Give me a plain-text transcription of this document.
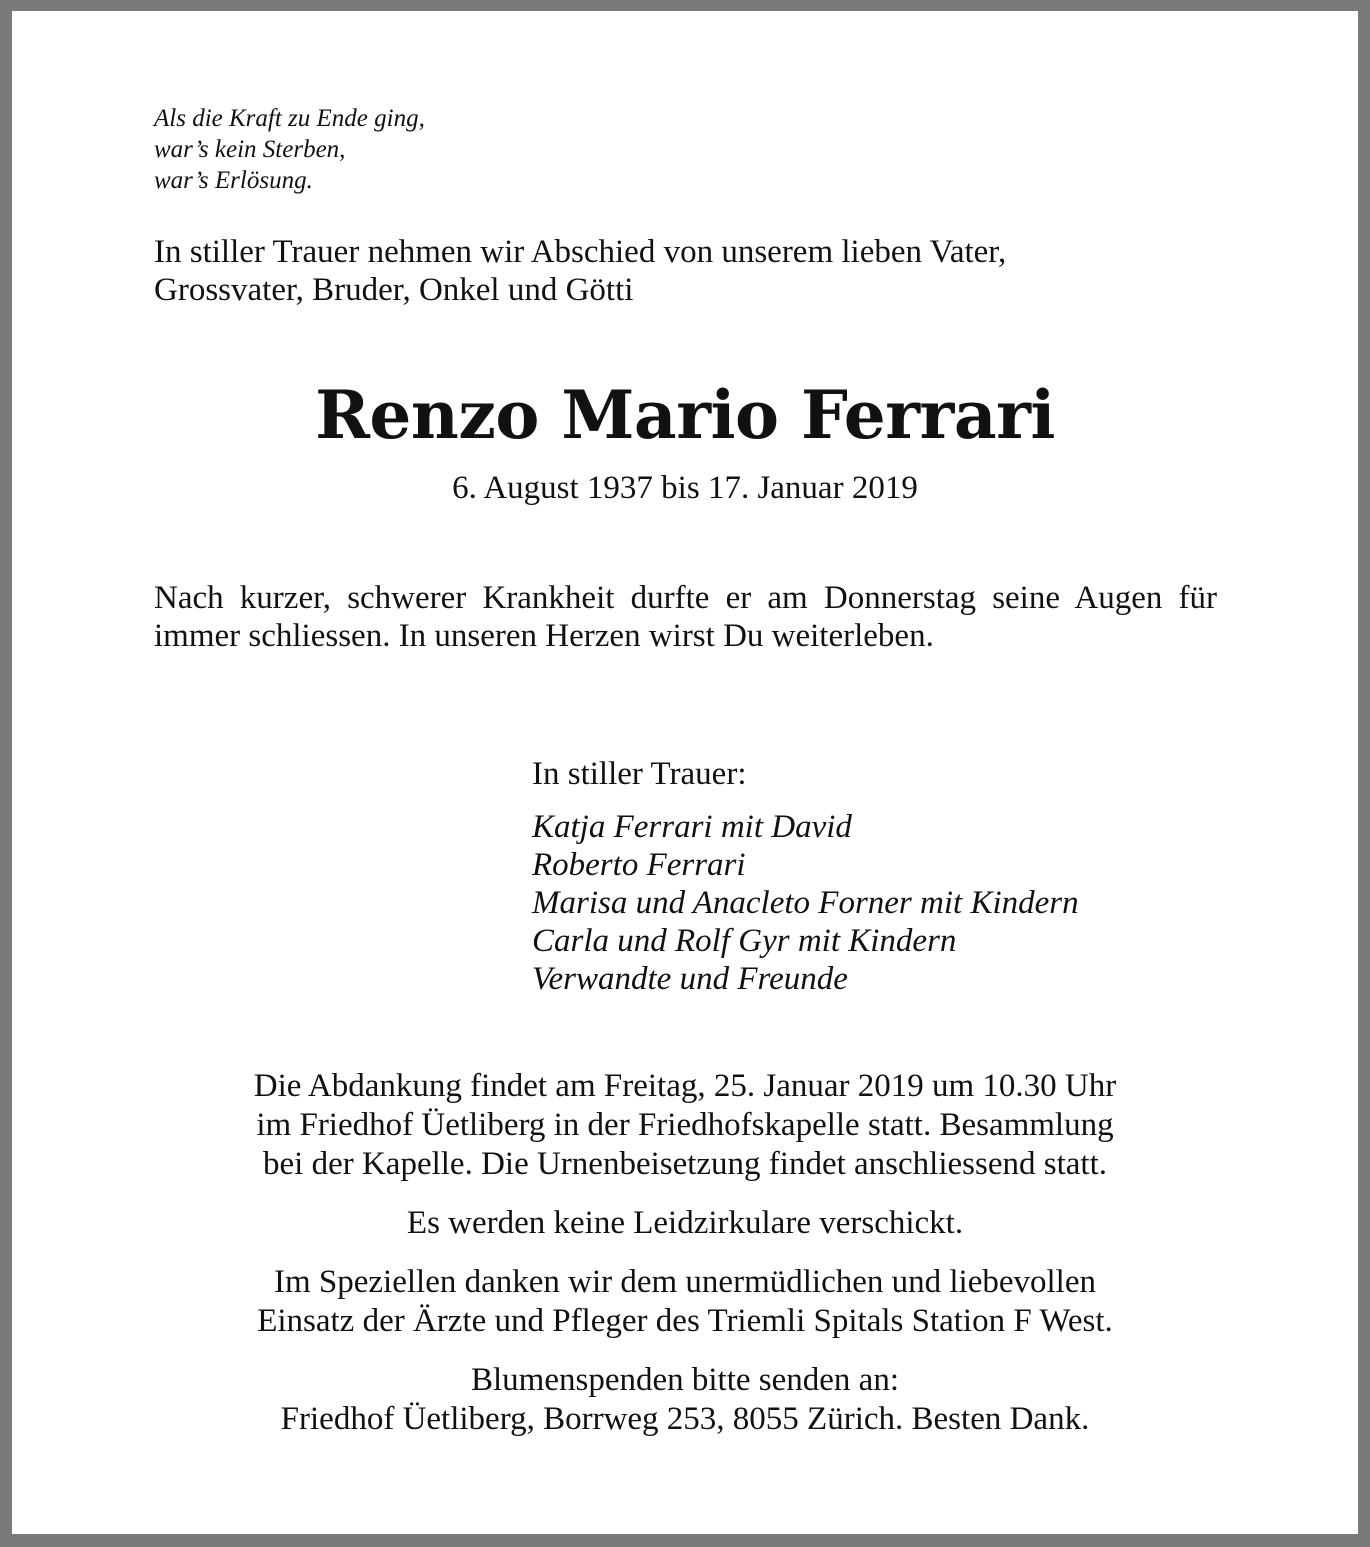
Als die Kraft zu Ende ging,
war’s kein Sterben,
war’s Erlösung.
In stiller Trauer nehmen wir Abschied von unserem lieben Vater,
Grossvater, Bruder, Onkel und Götti
Renzo Mario Ferrari
6. August 1937 bis 17. Januar 2019

Nach kurzer, schwerer Krankheit durfte er am Donnerstag seine Augen für immer schliessen. In unseren Herzen wirst Du weiterleben.

In stiller Trauer:
Katja Ferrari mit David
Roberto Ferrari
Marisa und Anacleto Forner mit Kindern
Carla und Rolf Gyr mit Kindern
Verwandte und Freunde
Die Abdankung findet am Freitag, 25. Januar 2019 um 10.30 Uhr
im Friedhof Üetliberg in der Friedhofskapelle statt. Besammlung
bei der Kapelle. Die Urnenbeisetzung findet anschliessend statt.
Es werden keine Leidzirkulare verschickt.
Im Speziellen danken wir dem unermüdlichen und liebevollen
Einsatz der Ärzte und Pfleger des Triemli Spitals Station F West.
Blumenspenden bitte senden an:
Friedhof Üetliberg, Borrweg 253, 8055 Zürich. Besten Dank.
